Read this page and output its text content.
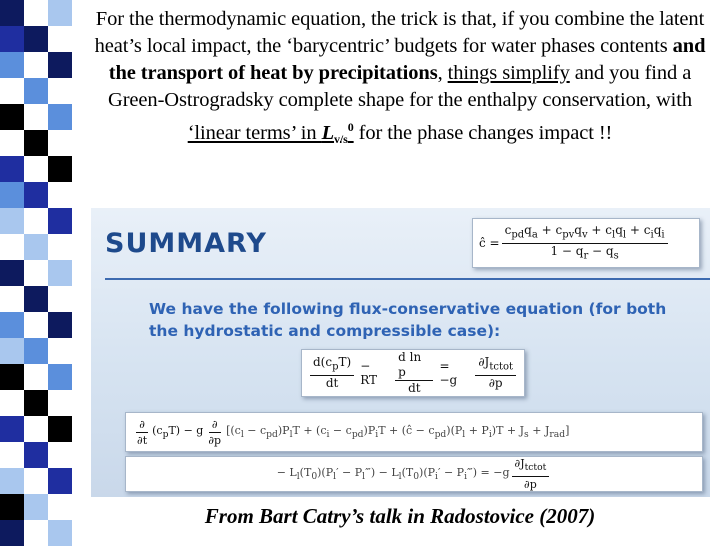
For the thermodynamic equation, the trick is that, if you combine the latent heat’s local impact, the ‘barycentric’ budgets for water phases contents and the transport of heat by precipitations, things simplify and you find a Green-Ostrogradsky complete shape for the enthalpy conservation, with ‘linear terms’ in $L_{v/s}^0$ for the phase changes impact !!
SUMMARY
We have the following flux-conservative equation (for both the hydrostatic and compressible case):
ĉ = $\frac{c_{pd}q_a + c_{pv}q_v + c_lq_l + c_iq_i}{1 - q_r - q_s}$
$\frac{d(c_pT)}{dt}$ − RT	$\frac{\text{d ln p}}{dt} = -g$	$\frac{\partial J_{tctot}}{\partial p}$
$\frac{\partial}{\partial t} (c_pT) - g \frac{\partial}{\partial p} [(c_l - c_{pd})P_lT + (c_i - c_{pd})P_iT$ + (ĉ − $c_{pd})(P_l + P_i)T + J_s + J_{rad}$]
− $L_l(T_0)(P_l'$ − $P_l‴) - L_l(T_0)(P_i'$ − $P_i‴) = -g \frac{\partial J_{tctot}}{\partial p}$
From Bart Catry’s talk in Radostovice (2007)
